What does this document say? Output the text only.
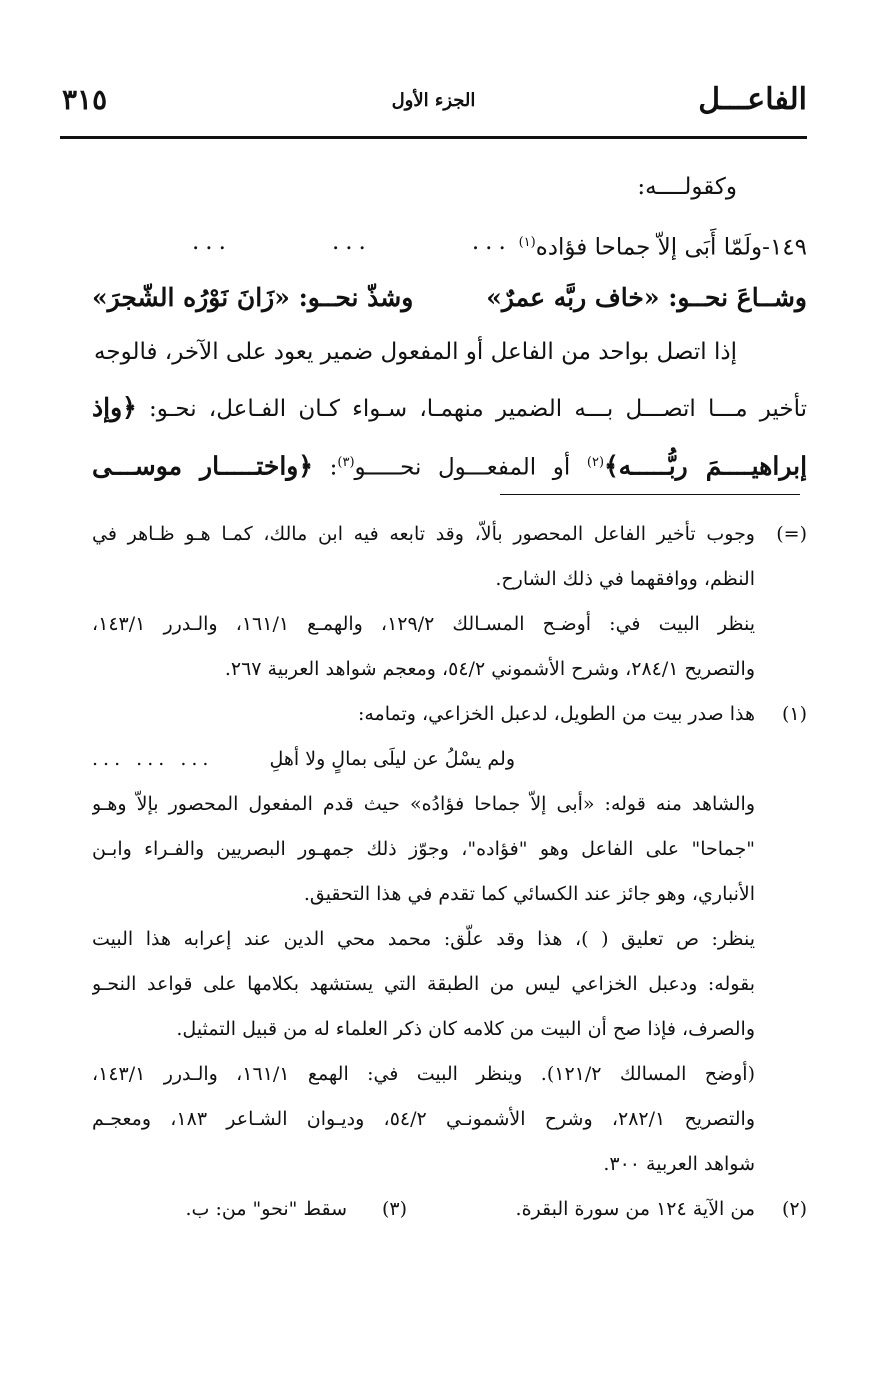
الفاعـــل
الجزء الأول
٣١٥
وكقولــــه:
١٤٩-ولَمّا أَبَى إلاّ جماحا فؤاده$^{(١)}$
.........
وشــاعَ نحــو: «خاف ربَّه عمرٌ»
وشذّ نحــو: «زَانَ نَوْرُه الشّجرَ»
إذا اتصل بواحد من الفاعل أو المفعول ضمير يعود على الآخر، فالوجه
تأخير مـــا اتصـــل بـــه الضمير منهمـا، سـواء كـان الفـاعل، نحـو: ﴿وإذ
إبراهيــــمَ ربُّـــــه﴾$^{(٢)}$ أو المفعـــول نحـــــو$^{(٣)}$: ﴿واختـــــار موســـى
(=)

وجوب تأخير الفاعل المحصور بألاّ، وقد تابعه فيه ابن مالك، كمـا هـو ظـاهر في

النظم، ووافقهما في ذلك الشارح.

ينظر البيت في: أوضـح المسـالك ١٢٩/٢، والهمـع ١٦١/١، والـدرر ١٤٣/١،

والتصريح ٢٨٤/١، وشرح الأشموني ٥٤/٢، ومعجم شواهد العربية ٢٦٧.

(١)

هذا صدر بيت من الطويل، لدعبل الخزاعي، وتمامه:

... ... ...	ولم يسْلُ عن ليلَى بمالٍ ولا أهلِ

والشاهد منه قوله: «أبى إلاّ جماحا فؤادُه» حيث قدم المفعول المحصور بإلاّ وهـو

"جماحا" على الفاعل وهو "فؤاده"، وجوّز ذلك جمهـور البصريين والفـراء وابـن

الأنباري، وهو جائز عند الكسائي كما تقدم في هذا التحقيق.

ينظر: ص تعليق ( )، هذا وقد علّق: محمد محي الدين عند إعرابه هذا البيت

بقوله: ودعبل الخزاعي ليس من الطبقة التي يستشهد بكلامها على قواعد النحـو

والصرف، فإذا صح أن البيت من كلامه كان ذكر العلماء له من قبيل التمثيل.

(أوضح المسالك ١٢١/٢). وينظر البيت في: الهمع ١٦١/١، والـدرر ١٤٣/١،

والتصريح ٢٨٢/١، وشرح الأشمونـي ٥٤/٢، وديـوان الشـاعر ١٨٣، ومعجـم

شواهد العربية ٣٠٠.

(٢)
من الآية ١٢٤ من سورة البقرة.
(٣)
سقط "نحو" من: ب.
